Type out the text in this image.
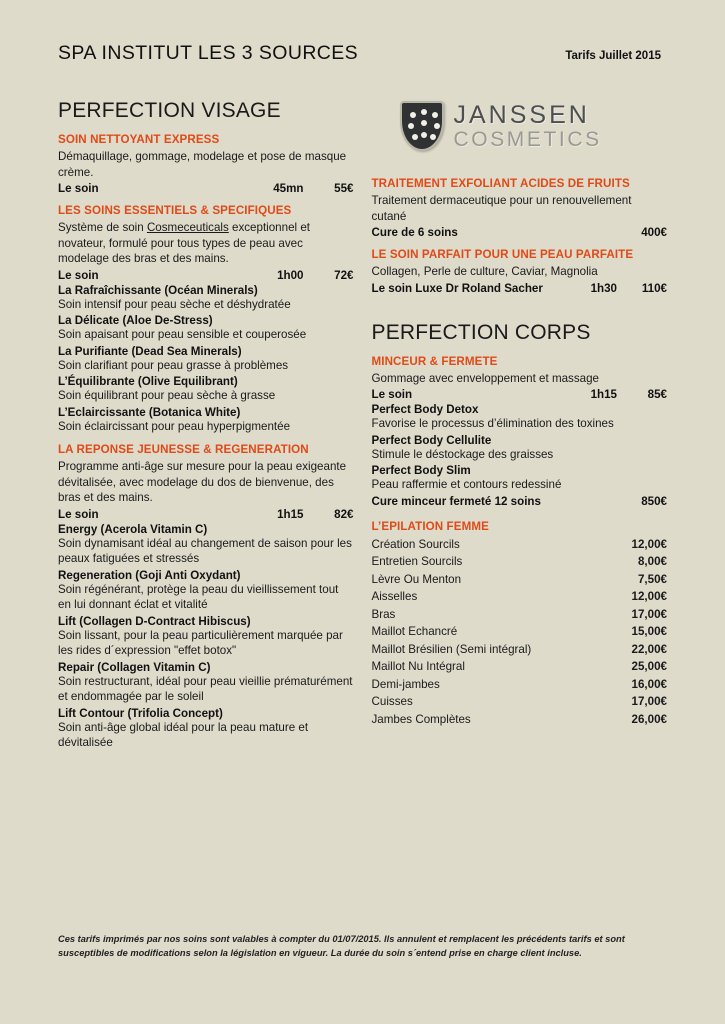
SPA INSTITUT LES 3 SOURCES	Tarifs Juillet 2015
PERFECTION VISAGE
SOIN NETTOYANT EXPRESS
Démaquillage, gommage, modelage et pose de masque crème.
Le soin	45mn	55€
LES SOINS ESSENTIELS & SPECIFIQUES

Système de soin Cosmeceuticals exceptionnel et novateur, formulé pour tous types de peau avec modelage des bras et des mains.

Le soin	1h00	72€
La Rafraîchissante (Océan Minerals)
Soin intensif pour peau sèche et déshydratée
La Délicate (Aloe De-Stress)
Soin apaisant pour peau sensible et couperosée
La Purifiante (Dead Sea Minerals)
Soin clarifiant pour peau grasse à problèmes
L’Équilibrante (Olive Equilibrant)
Soin équilibrant pour peau sèche à grasse
L’Eclaircissante (Botanica White)
Soin éclaircissant pour peau hyperpigmentée
LA REPONSE JEUNESSE & REGENERATION
Programme anti-âge sur mesure pour la peau exigeante dévitalisée, avec modelage du dos de bienvenue, des bras et des mains.
Le soin	1h15	82€
Energy (Acerola Vitamin C)
Soin dynamisant idéal au changement de saison pour les peaux fatiguées et stressés
Regeneration (Goji Anti Oxydant)
Soin régénérant, protège la peau du vieillissement tout en lui donnant éclat et vitalité
Lift (Collagen D-Contract Hibiscus)
Soin lissant, pour la peau particulièrement marquée par les rides d´expression "effet botox"
Repair (Collagen Vitamin C)
Soin restructurant, idéal pour peau vieillie prématurément et endommagée par le soleil
Lift Contour (Trifolia Concept)
Soin anti-âge global idéal pour la peau mature et dévitalisée
JANSSEN
COSMETICS
TRAITEMENT EXFOLIANT ACIDES DE FRUITS
Traitement dermaceutique pour un renouvellement cutané
Cure de 6 soins	400€
LE SOIN PARFAIT POUR UNE PEAU PARFAITE
Collagen, Perle de culture, Caviar, Magnolia
Le soin Luxe Dr Roland Sacher	1h30	110€
PERFECTION CORPS
MINCEUR & FERMETE
Gommage avec enveloppement et massage
Le soin	1h15	85€
Perfect Body Detox
Favorise le processus d’élimination des toxines
Perfect Body Cellulite
Stimule le déstockage des graisses
Perfect Body Slim
Peau raffermie et contours redessiné
Cure minceur fermeté 12 soins	850€
L’EPILATION FEMME
Création Sourcils	12,00€
Entretien Sourcils	8,00€
Lèvre Ou Menton	7,50€
Aisselles	12,00€
Bras	17,00€
Maillot Echancré	15,00€
Maillot Brésilien (Semi intégral)	22,00€
Maillot Nu Intégral	25,00€
Demi-jambes	16,00€
Cuisses	17,00€
Jambes Complètes	26,00€
Ces tarifs imprimés par nos soins sont valables à compter du 01/07/2015. Ils annulent et remplacent les précédents tarifs et sont susceptibles de modifications selon la législation en vigueur. La durée du soin s´entend prise en charge client incluse.
